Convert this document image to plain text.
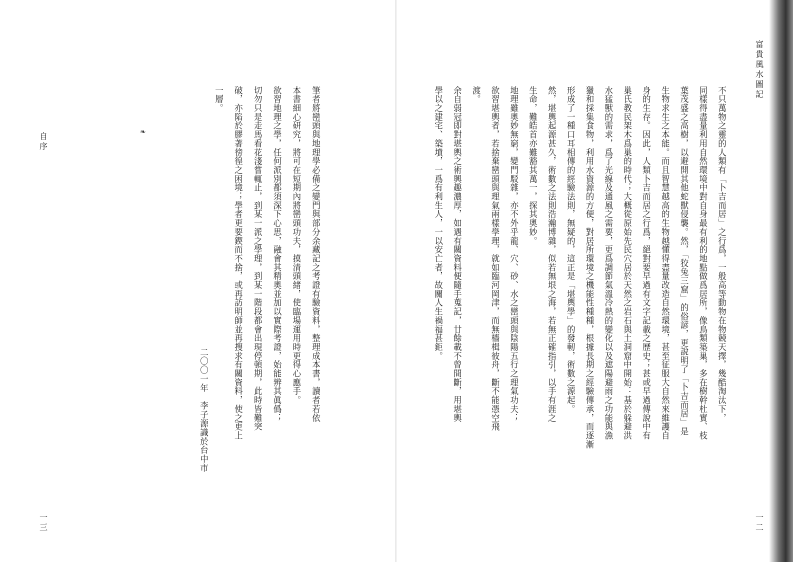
富貴風水圖記
一二
不只萬物之靈的人類有「卜吉而居」之行爲，一般高等動物在物競天擇，幾酷淘汰下，
同樣得盡量利用自然環境中對自身最有利的地點做爲居所，像鳥類築巢，多在樹幹杜實、枝
葉茂盛之高樹，以避開其他蛇獸侵襲。然，「狡兔三窟」的俗諺，更說明了「卜吉而居」是
生物求生之本能。而且智慧越高的生物越懂得盡量改造自然環境，甚至征服大自然來維護自
身的生存。因此，人類卜吉而居之行爲，絕對要早過有文字記載之歷史；甚或早過傳說中有
巢氏教民架木爲巢的時代；大概從原始先民穴居於天然之岩石與土洞窟中開始：基於躲避洪
水猛獸的需求，爲了光線及通風之需要，更爲調節氣溫冷熱的變化以及遮陽避雨之功能與漁
獵和採集食物，利用水資源的方便，對居所環境之機能性種種，根據長期之經驗傳承，而逐漸
形成了一種口耳相傳的經驗法則，無疑的，這正是「堪輿學」的發軔，術數之源起。
然，堪輿起源甚久，術數之法則浩瀚博雜，似若無垠之海，若無正確指引，以手有涯之
生命，難皓首亦難豁其萬一，探其奧妙。
地理雖奧妙無窮，變門駁雜，亦不外乎龍、穴、砂、水之巒頭與陰陽五行之理氣功夫；
欲習堪輿者，若捨棄巒頭與理氣兩樣學理，就如臨河岡津，而無檣楫彼舟，斷不能憑空飛
渡。
余自弱冠即對堪輿之術興趣濃厚，如遇有關資料便隨手蒐記，廿餘載不曾間斷，用堪輿
學以之建宅、築墳，一爲有利生人，一以安亡者，故關人生禍福甚鉅。
筆者將巒頭與地理學必備之變門與部分余藏記之考證有驗資料，整理成本書，讀者若依
本書細心研究，將可在短期內將巒頭功夫，摸清頭緒，使臨場運用時更得心應手。
欲習地理之學，任何派別都須深下心思，融會其精奧並加以實際考證，始能辨其眞僞；
切勿只是走馬看花淺嘗輒止，到某一派之學理，到某一階段都會出現停頓期，此時皆難突
破，亦陷於膠著徬徨之困境；學者更要鍥而不捨，或再訪明師並再搜求有關資料，使之更上
一層。
二〇〇一年　李子源識於台中市
自序
一三
❧
